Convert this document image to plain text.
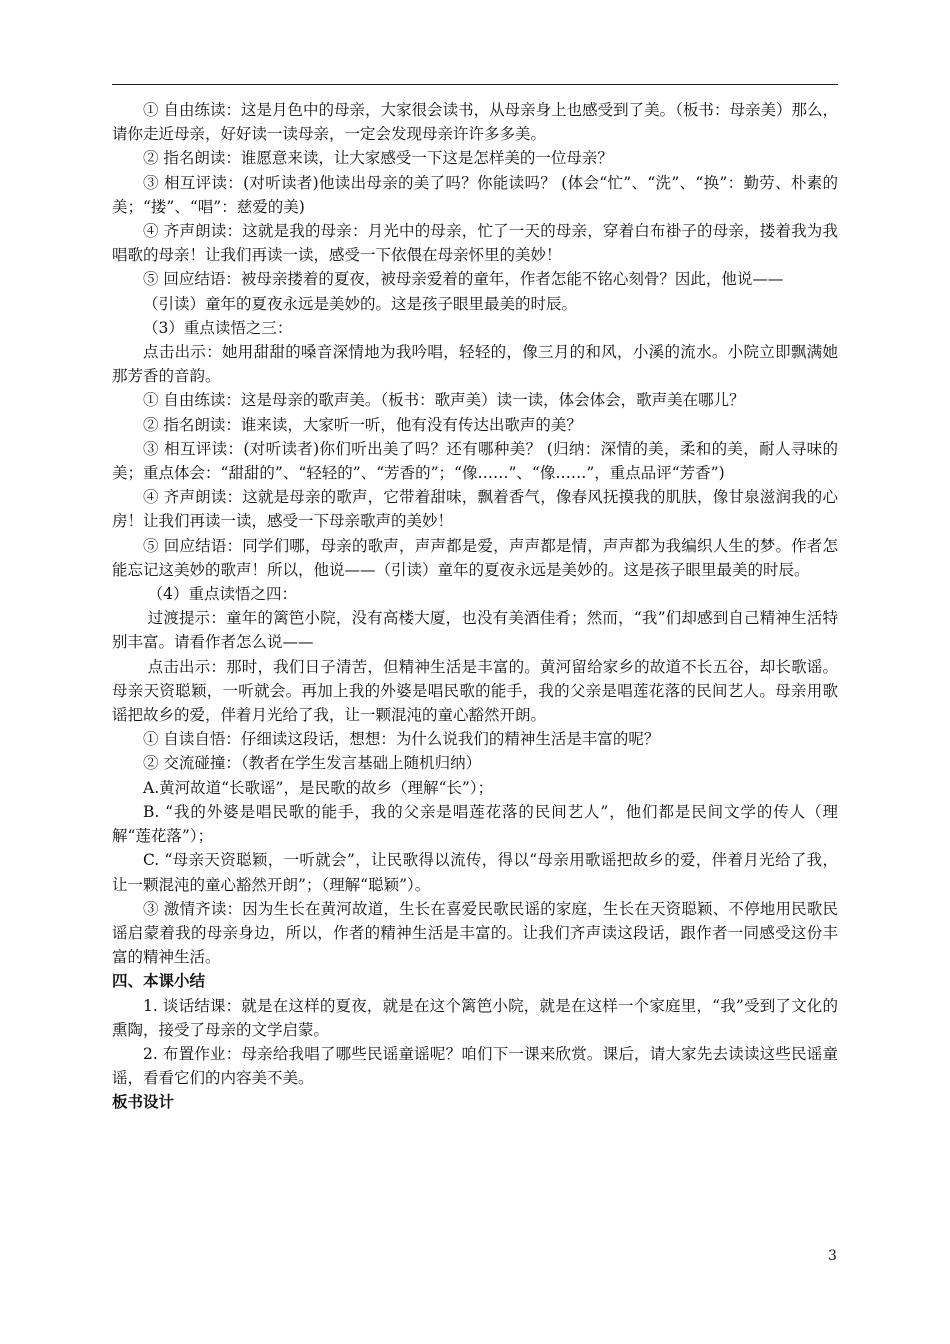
① 自由练读：这是月色中的母亲，大家很会读书，从母亲身上也感受到了美。（板书：母亲美）那么，请你走近母亲，好好读一读母亲，一定会发现母亲许许多多美。

② 指名朗读：谁愿意来读，让大家感受一下这是怎样美的一位母亲？

③ 相互评读：(对听读者)他读出母亲的美了吗？你能读吗？ (体会“忙”、“洗”、“换”：勤劳、朴素的美；“搂”、“唱”：慈爱的美)

④ 齐声朗读：这就是我的母亲：月光中的母亲，忙了一天的母亲，穿着白布褂子的母亲，搂着我为我唱歌的母亲！让我们再读一读，感受一下依偎在母亲怀里的美妙！

⑤ 回应结语：被母亲搂着的夏夜，被母亲爱着的童年，作者怎能不铭心刻骨？因此，他说——

（引读）童年的夏夜永远是美妙的。这是孩子眼里最美的时辰。

（3）重点读悟之三：

点击出示：她用甜甜的嗓音深情地为我吟唱，轻轻的，像三月的和风，小溪的流水。小院立即飘满她那芳香的音韵。

① 自由练读：这是母亲的歌声美。（板书：歌声美）读一读，体会体会，歌声美在哪儿？

② 指名朗读：谁来读，大家听一听，他有没有传达出歌声的美？

③ 相互评读：(对听读者)你们听出美了吗？还有哪种美？ (归纳：深情的美，柔和的美，耐人寻味的美；重点体会：“甜甜的”、“轻轻的”、“芳香的”；“像……”、“像……”，重点品评“芳香”)

④ 齐声朗读：这就是母亲的歌声，它带着甜味，飘着香气，像春风抚摸我的肌肤，像甘泉滋润我的心房！让我们再读一读，感受一下母亲歌声的美妙！

⑤ 回应结语：同学们哪，母亲的歌声，声声都是爱，声声都是情，声声都为我编织人生的梦。作者怎能忘记这美妙的歌声！所以，他说——（引读）童年的夏夜永远是美妙的。这是孩子眼里最美的时辰。

（4）重点读悟之四：

过渡提示：童年的篱笆小院，没有高楼大厦，也没有美酒佳肴；然而，“我”们却感到自己精神生活特别丰富。请看作者怎么说——

点击出示：那时，我们日子清苦，但精神生活是丰富的。黄河留给家乡的故道不长五谷，却长歌谣。母亲天资聪颖，一听就会。再加上我的外婆是唱民歌的能手，我的父亲是唱莲花落的民间艺人。母亲用歌谣把故乡的爱，伴着月光给了我，让一颗混沌的童心豁然开朗。

① 自读自悟：仔细读这段话，想想：为什么说我们的精神生活是丰富的呢？

② 交流碰撞：（教者在学生发言基础上随机归纳）

A.黄河故道“长歌谣”，是民歌的故乡（理解“长”）；

B. “我的外婆是唱民歌的能手，我的父亲是唱莲花落的民间艺人”，他们都是民间文学的传人（理解“莲花落”）；

C. “母亲天资聪颖，一听就会”，让民歌得以流传，得以“母亲用歌谣把故乡的爱，伴着月光给了我，让一颗混沌的童心豁然开朗”；（理解“聪颖”）。

③ 激情齐读：因为生长在黄河故道，生长在喜爱民歌民谣的家庭，生长在天资聪颖、不停地用民歌民谣启蒙着我的母亲身边，所以，作者的精神生活是丰富的。让我们齐声读这段话，跟作者一同感受这份丰富的精神生活。

四、本课小结

1. 谈话结课：就是在这样的夏夜，就是在这个篱笆小院，就是在这样一个家庭里，“我”受到了文化的熏陶，接受了母亲的文学启蒙。

2. 布置作业：母亲给我唱了哪些民谣童谣呢？咱们下一课来欣赏。课后，请大家先去读读这些民谣童谣，看看它们的内容美不美。

板书设计

3
